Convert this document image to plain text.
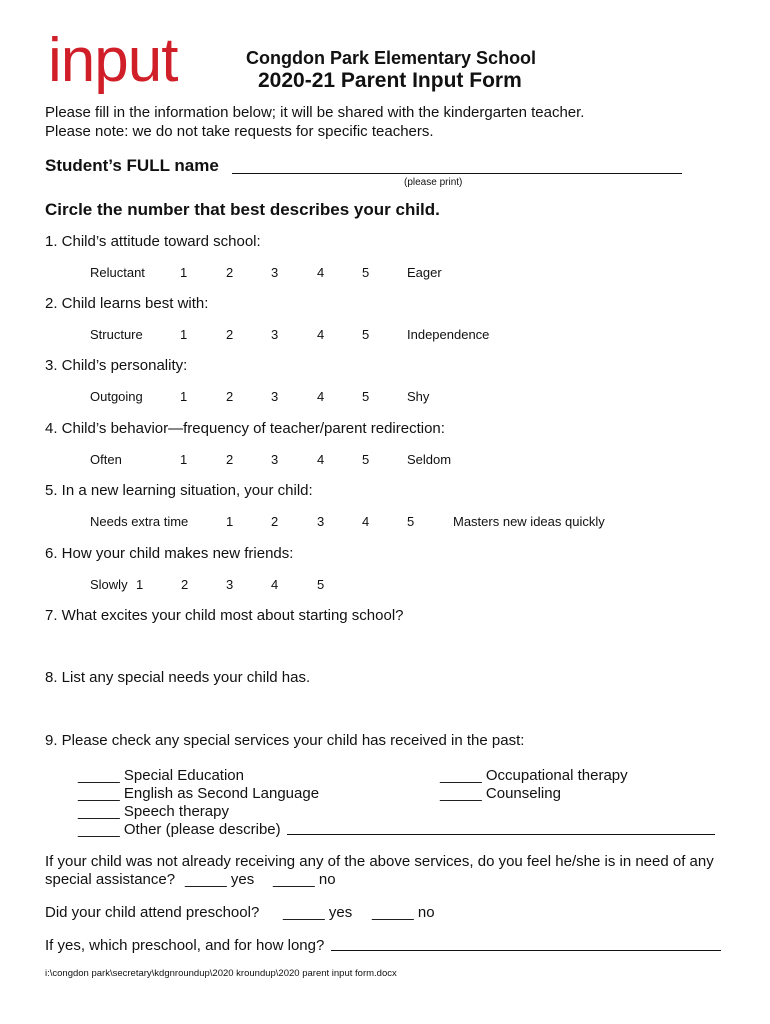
input	Congdon Park Elementary School
2020-21 Parent Input Form
Please fill in the information below; it will be shared with the kindergarten teacher.
Please note: we do not take requests for specific teachers.
Student’s FULL name
(please print)
Circle the number that best describes your child.
1. Child’s attitude toward school:
Reluctant	1	2	3	4	5	Eager
2. Child learns best with:
Structure	1	2	3	4	5	Independence
3. Child’s personality:
Outgoing	1	2	3	4	5	Shy
4. Child’s behavior—frequency of teacher/parent redirection:
Often	1	2	3	4	5	Seldom
5. In a new learning situation, your child:
Needs extra time	1	2	3	4	5	Masters new ideas quickly
6. How your child makes new friends:
Slowly 1	2	3	4	5
7. What excites your child most about starting school?
8. List any special needs your child has.
9. Please check any special services your child has received in the past:
_____ Special Education
_____ English as Second Language
_____ Speech therapy
_____ Other (please describe)
_____ Occupational therapy
_____ Counseling
If your child was not already receiving any of the above services, do you feel he/she is in need of any
special assistance? _____ yes _____ no
Did your child attend preschool? _____ yes _____ no
If yes, which preschool, and for how long?
i:\congdon park\secretary\kdgnroundup\2020 kroundup\2020 parent input form.docx
